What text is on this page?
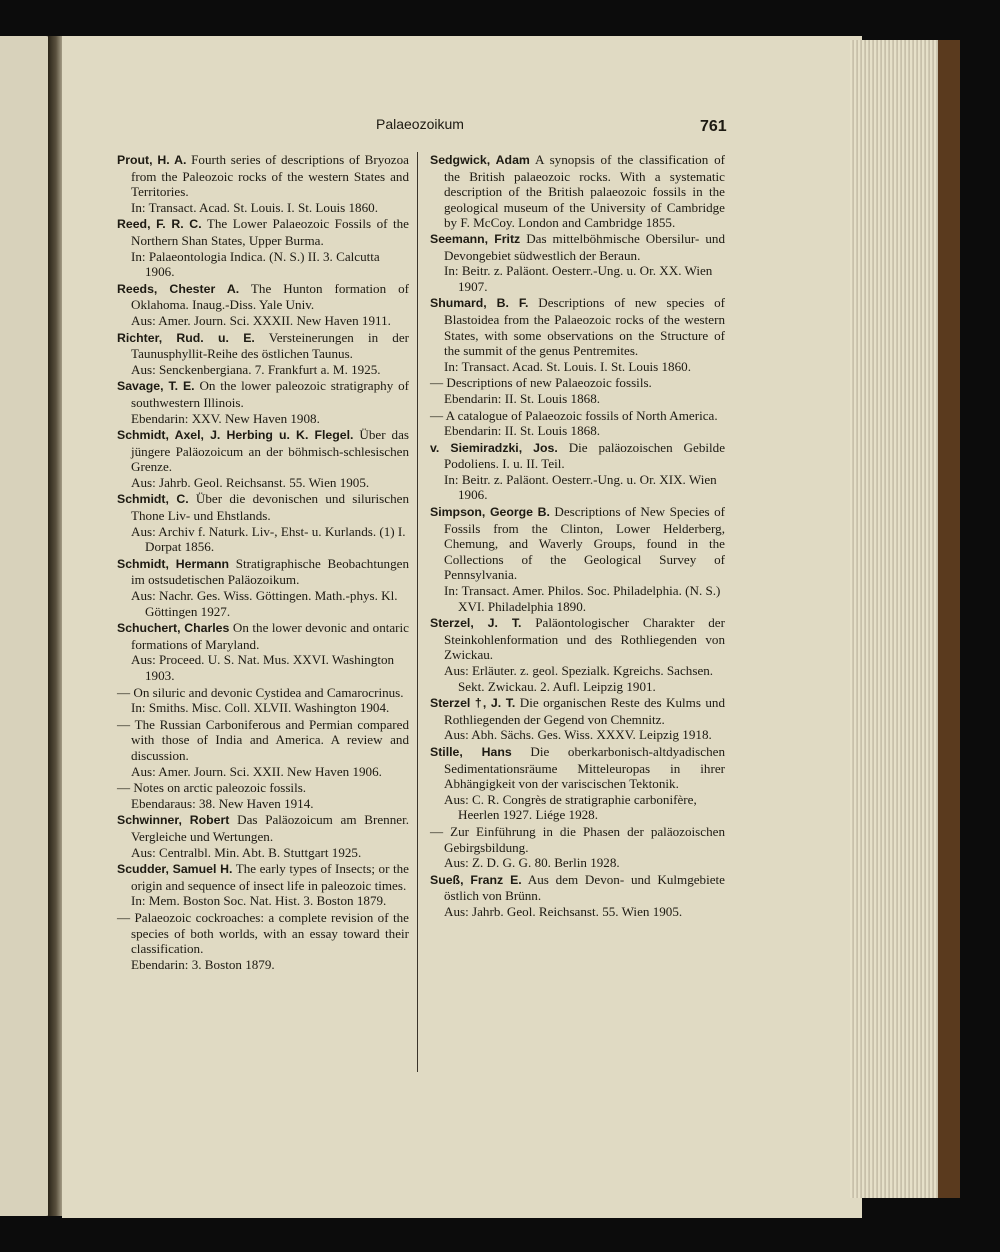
Palaeozoikum	761

Prout, H. A. Fourth series of descriptions of Bryozoa from the Paleozoic rocks of the western States and Territories.

In: Transact. Acad. St. Louis. I. St. Louis 1860.

Reed, F. R. C. The Lower Palaeozoic Fossils of the Northern Shan States, Upper Burma.

In: Palaeontologia Indica. (N. S.) II. 3. Calcutta 1906.

Reeds, Chester A. The Hunton formation of Oklahoma. Inaug.-Diss. Yale Univ.

Aus: Amer. Journ. Sci. XXXII. New Haven 1911.

Richter, Rud. u. E. Versteinerungen in der Taunusphyllit-Reihe des östlichen Taunus.

Aus: Senckenbergiana. 7. Frankfurt a. M. 1925.

Savage, T. E. On the lower paleozoic stratigraphy of southwestern Illinois.

Ebendarin: XXV. New Haven 1908.

Schmidt, Axel, J. Herbing u. K. Flegel. Über das jüngere Paläozoicum an der böhmisch-schlesischen Grenze.

Aus: Jahrb. Geol. Reichsanst. 55. Wien 1905.

Schmidt, C. Über die devonischen und silurischen Thone Liv- und Ehstlands.

Aus: Archiv f. Naturk. Liv-, Ehst- u. Kurlands. (1) I. Dorpat 1856.

Schmidt, Hermann Stratigraphische Beobachtungen im ostsudetischen Paläozoikum.

Aus: Nachr. Ges. Wiss. Göttingen. Math.-phys. Kl. Göttingen 1927.

Schuchert, Charles On the lower devonic and ontaric formations of Maryland.

Aus: Proceed. U. S. Nat. Mus. XXVI. Washington 1903.

— On siluric and devonic Cystidea and Camarocrinus.

In: Smiths. Misc. Coll. XLVII. Washington 1904.

— The Russian Carboniferous and Permian compared with those of India and America. A review and discussion.

Aus: Amer. Journ. Sci. XXII. New Haven 1906.

— Notes on arctic paleozoic fossils.

Ebendaraus: 38. New Haven 1914.

Schwinner, Robert Das Paläozoicum am Brenner. Vergleiche und Wertungen.

Aus: Centralbl. Min. Abt. B. Stuttgart 1925.

Scudder, Samuel H. The early types of Insects; or the origin and sequence of insect life in paleozoic times.

In: Mem. Boston Soc. Nat. Hist. 3. Boston 1879.

— Palaeozoic cockroaches: a complete revision of the species of both worlds, with an essay toward their classification.

Ebendarin: 3. Boston 1879.

Sedgwick, Adam A synopsis of the classification of the British palaeozoic rocks. With a systematic description of the British palaeozoic fossils in the geological museum of the University of Cambridge by F. McCoy. London and Cambridge 1855.

Seemann, Fritz Das mittelböhmische Obersilur- und Devongebiet südwestlich der Beraun.

In: Beitr. z. Paläont. Oesterr.-Ung. u. Or. XX. Wien 1907.

Shumard, B. F. Descriptions of new species of Blastoidea from the Palaeozoic rocks of the western States, with some observations on the Structure of the summit of the genus Pentremites.

In: Transact. Acad. St. Louis. I. St. Louis 1860.

— Descriptions of new Palaeozoic fossils.

Ebendarin: II. St. Louis 1868.

— A catalogue of Palaeozoic fossils of North America.

Ebendarin: II. St. Louis 1868.

v. Siemiradzki, Jos. Die paläozoischen Gebilde Podoliens. I. u. II. Teil.

In: Beitr. z. Paläont. Oesterr.-Ung. u. Or. XIX. Wien 1906.

Simpson, George B. Descriptions of New Species of Fossils from the Clinton, Lower Helderberg, Chemung, and Waverly Groups, found in the Collections of the Geological Survey of Pennsylvania.

In: Transact. Amer. Philos. Soc. Philadelphia. (N. S.) XVI. Philadelphia 1890.

Sterzel, J. T. Paläontologischer Charakter der Steinkohlenformation und des Rothliegenden von Zwickau.

Aus: Erläuter. z. geol. Spezialk. Kgreichs. Sachsen. Sekt. Zwickau. 2. Aufl. Leipzig 1901.

Sterzel †, J. T. Die organischen Reste des Kulms und Rothliegenden der Gegend von Chemnitz.

Aus: Abh. Sächs. Ges. Wiss. XXXV. Leipzig 1918.

Stille, Hans Die oberkarbonisch-altdyadischen Sedimentationsräume Mitteleuropas in ihrer Abhängigkeit von der variscischen Tektonik.

Aus: C. R. Congrès de stratigraphie carbonifère, Heerlen 1927. Liége 1928.

— Zur Einführung in die Phasen der paläozoischen Gebirgsbildung.

Aus: Z. D. G. G. 80. Berlin 1928.

Sueß, Franz E. Aus dem Devon- und Kulmgebiete östlich von Brünn.

Aus: Jahrb. Geol. Reichsanst. 55. Wien 1905.
